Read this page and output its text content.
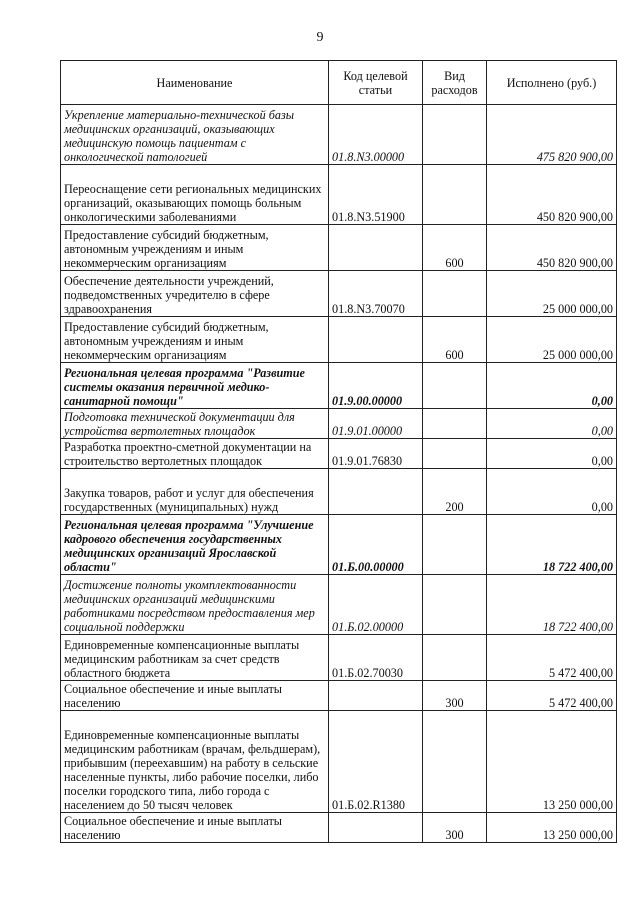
9
Наименование	Код целевой статьи	Вид расходов	Исполнено (руб.)
Укрепление материально-технической базы медицинских организаций, оказывающих медицинскую помощь пациентам с онкологической патологией	01.8.N3.00000		475 820 900,00
Переоснащение сети региональных медицинских организаций, оказывающих помощь больным онкологическими заболеваниями	01.8.N3.51900		450 820 900,00
Предоставление субсидий бюджетным, автономным учреждениям и иным некоммерческим организациям		600	450 820 900,00
Обеспечение деятельности учреждений, подведомственных учредителю в сфере здравоохранения	01.8.N3.70070		25 000 000,00
Предоставление субсидий бюджетным, автономным учреждениям и иным некоммерческим организациям		600	25 000 000,00
Региональная целевая программа "Развитие системы оказания первичной медико-санитарной помощи"	01.9.00.00000		0,00
Подготовка технической документации для устройства вертолетных площадок	01.9.01.00000		0,00
Разработка проектно-сметной документации на строительство вертолетных площадок	01.9.01.76830		0,00
Закупка товаров, работ и услуг для обеспечения государственных (муниципальных) нужд		200	0,00
Региональная целевая программа "Улучшение кадрового обеспечения государственных медицинских организаций Ярославской области"	01.Б.00.00000		18 722 400,00
Достижение полноты укомплектованности медицинских организаций медицинскими работниками посредством предоставления мер социальной поддержки	01.Б.02.00000		18 722 400,00
Единовременные компенсационные выплаты медицинским работникам за счет средств областного бюджета	01.Б.02.70030		5 472 400,00
Социальное обеспечение и иные выплаты населению		300	5 472 400,00
Единовременные компенсационные выплаты медицинским работникам (врачам, фельдшерам), прибывшим (переехавшим) на работу в сельские населенные пункты, либо рабочие поселки, либо поселки городского типа, либо города с населением до 50 тысяч человек	01.Б.02.R1380		13 250 000,00
Социальное обеспечение и иные выплаты населению		300	13 250 000,00
